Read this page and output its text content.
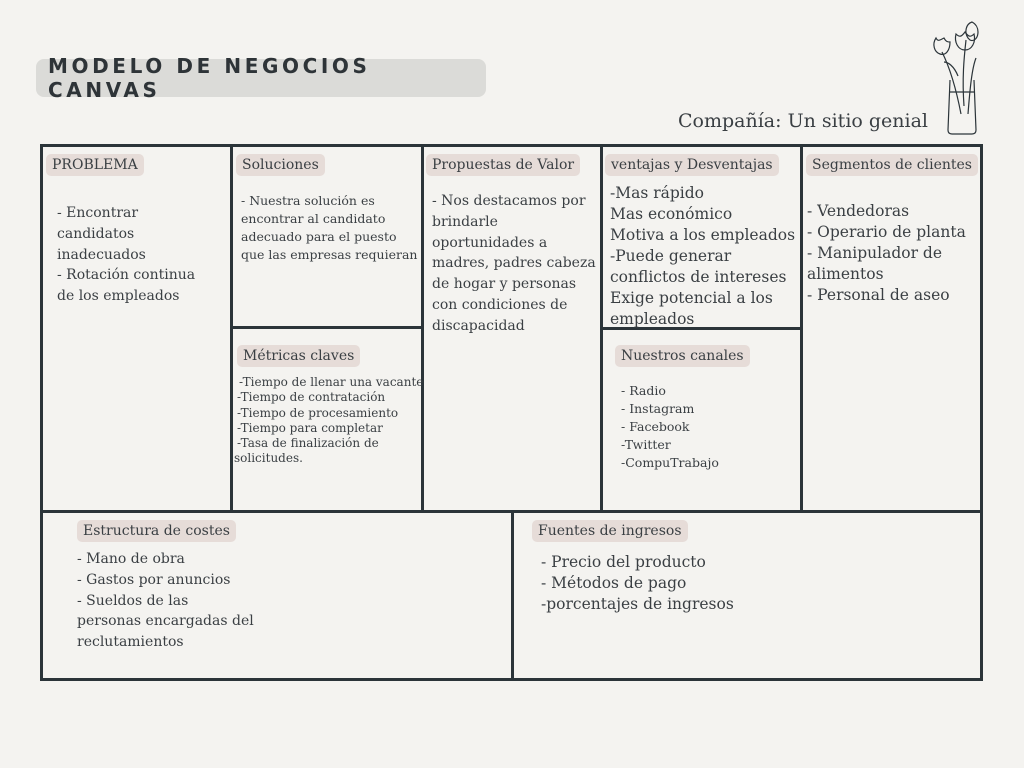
MODELO DE NEGOCIOS CANVAS
Compañía: Un sitio genial
PROBLEMA
- Encontrar
candidatos
inadecuados
- Rotación continua
de los empleados
Soluciones
- Nuestra solución es
encontrar al candidato
adecuado para el puesto
que las empresas requieran
Propuestas de Valor
- Nos destacamos por
brindarle
oportunidades a
madres, padres cabeza
de hogar y personas
con condiciones de
discapacidad
ventajas y Desventajas
-Mas rápido
Mas económico
Motiva a los empleados
-Puede generar
conflictos de intereses
Exige potencial a los
empleados
Segmentos de clientes
- Vendedoras
- Operario de planta
- Manipulador de
alimentos
- Personal de aseo
Métricas claves
-Tiempo de llenar una vacante
-Tiempo de contratación
-Tiempo de procesamiento
-Tiempo para completar
-Tasa de finalización de
solicitudes.
Nuestros canales
- Radio
- Instagram
- Facebook
-Twitter
-CompuTrabajo
Estructura de costes
- Mano de obra
- Gastos por anuncios
- Sueldos de las
personas encargadas del
reclutamientos
Fuentes de ingresos
- Precio del producto
- Métodos de pago
-porcentajes de ingresos
